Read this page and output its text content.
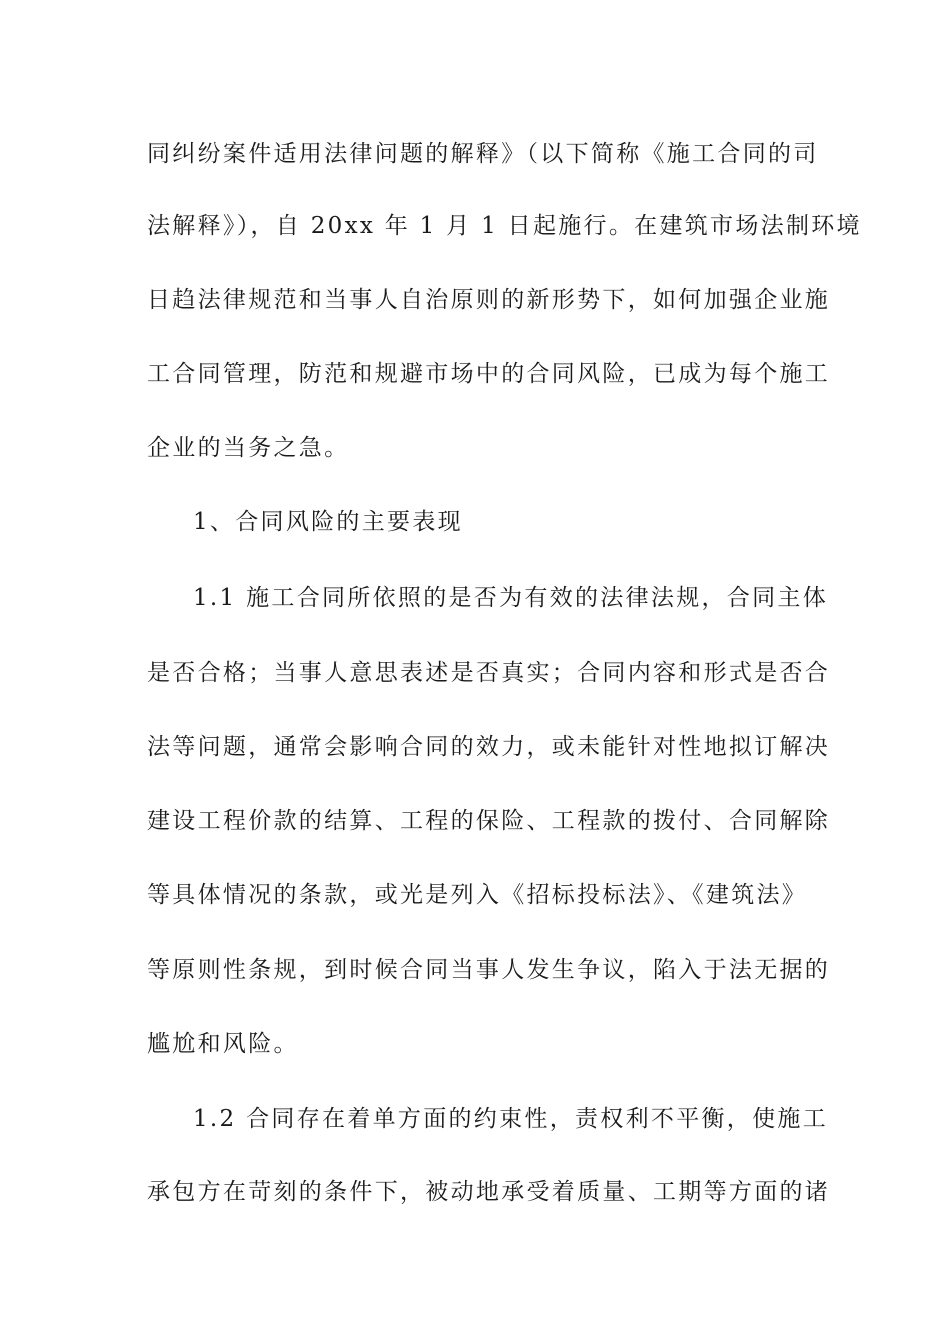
同纠纷案件适用法律问题的解释》（以下简称《施工合同的司
法解释》），自 20xx 年 1 月 1 日起施行。在建筑市场法制环境
日趋法律规范和当事人自治原则的新形势下，如何加强企业施
工合同管理，防范和规避市场中的合同风险，已成为每个施工
企业的当务之急。
1、合同风险的主要表现
1.1 施工合同所依照的是否为有效的法律法规，合同主体
是否合格；当事人意思表述是否真实；合同内容和形式是否合
法等问题，通常会影响合同的效力，或未能针对性地拟订解决
建设工程价款的结算、工程的保险、工程款的拨付、合同解除
等具体情况的条款，或光是列入《招标投标法》、《建筑法》
等原则性条规，到时候合同当事人发生争议，陷入于法无据的
尴尬和风险。
1.2 合同存在着单方面的约束性，责权利不平衡，使施工
承包方在苛刻的条件下，被动地承受着质量、工期等方面的诸
